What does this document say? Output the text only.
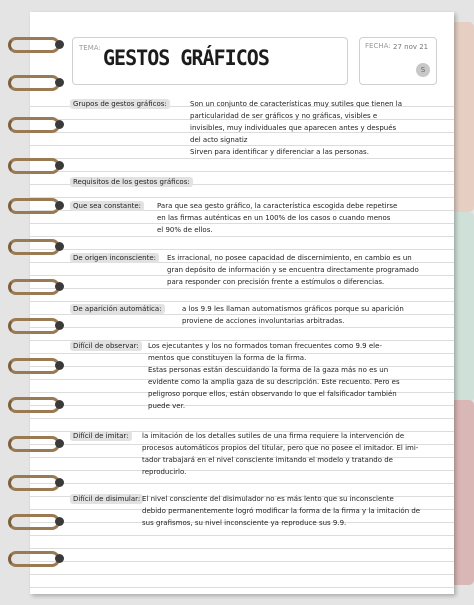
TEMA: GESTOS GRÁFICOS	FECHA: 27 nov 21
S
Grupos de gestos gráficos:	Son un conjunto de características muy sutiles que tienen la
particularidad de ser gráficos y no gráficas, visibles e
invisibles, muy individuales que aparecen antes y después
del acto signatiz
Sirven para identificar y diferenciar a las personas.
Requisitos de los gestos gráficos:
Que sea constante:	Para que sea gesto gráfico, la característica escogida debe repetirse
en las firmas auténticas en un 100% de los casos o cuando menos
el 90% de ellos.
De origen inconsciente:	Es irracional, no posee capacidad de discernimiento, en cambio es un
gran depósito de información y se encuentra directamente programado
para responder con precisión frente a estímulos o diferencias.
De aparición automática:	a los 9.9 les llaman automatismos gráficos porque su aparición
proviene de acciones involuntarias arbitradas.
Difícil de observar:	Los ejecutantes y los no formados toman frecuentes como 9.9 ele-
mentos que constituyen la forma de la firma.
Estas personas están descuidando la forma de la gaza más no es un
evidente como la amplia gaza de su descripción. Este recuento. Pero es
peligroso porque ellos, están observando lo que el falsificador también
puede ver.
Difícil de imitar:	la imitación de los detalles sutiles de una firma requiere la intervención de
procesos automáticos propios del titular, pero que no posee el imitador. El imi-
tador trabajará en el nivel consciente imitando el modelo y tratando de
reproducirlo.
Difícil de disimular: El nivel consciente del disimulador no es más lento que su inconsciente
debido permanentemente logró modificar la forma de la firma y la imitación de
sus grafismos, su nivel inconsciente ya reproduce sus 9.9.
